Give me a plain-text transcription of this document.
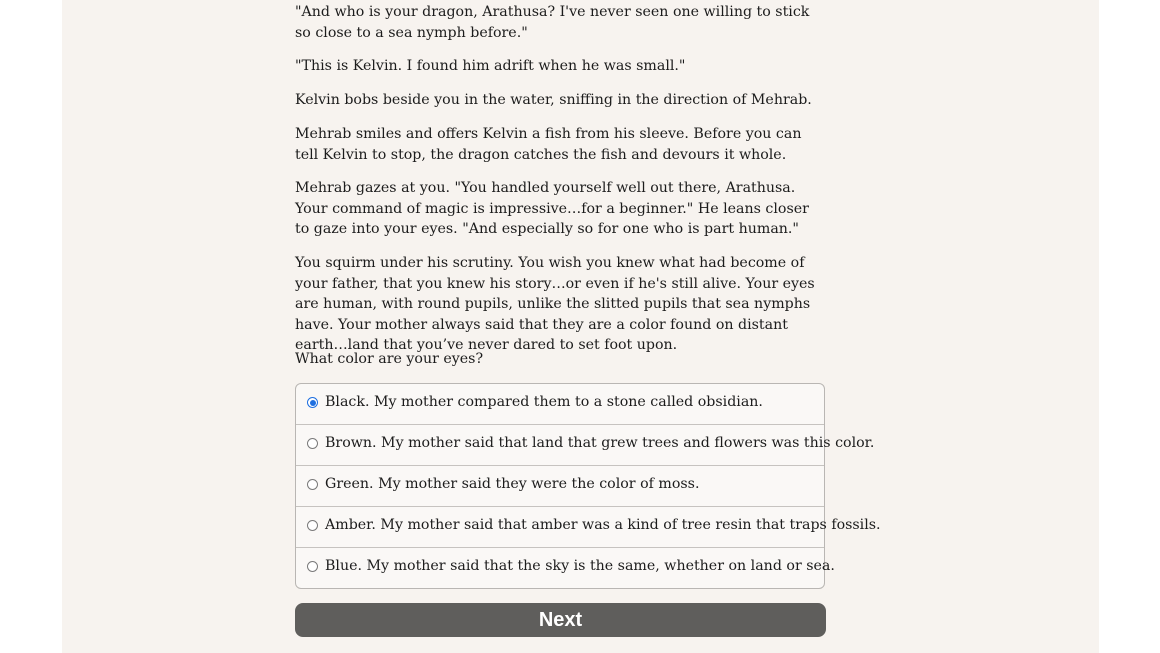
"And who is your dragon, Arathusa? I've never seen one willing to stick so close to a sea nymph before."

"This is Kelvin. I found him adrift when he was small."

Kelvin bobs beside you in the water, sniffing in the direction of Mehrab.

Mehrab smiles and offers Kelvin a fish from his sleeve. Before you can tell Kelvin to stop, the dragon catches the fish and devours it whole.

Mehrab gazes at you. "You handled yourself well out there, Arathusa. Your command of magic is impressive…for a beginner." He leans closer to gaze into your eyes. "And especially so for one who is part human."

You squirm under his scrutiny. You wish you knew what had become of your father, that you knew his story…or even if he's still alive. Your eyes are human, with round pupils, unlike the slitted pupils that sea nymphs have. Your mother always said that they are a color found on distant earth…land that you’ve never dared to set foot upon.

What color are your eyes?

Black. My mother compared them to a stone called obsidian.
Brown. My mother said that land that grew trees and flowers was this color.
Green. My mother said they were the color of moss.
Amber. My mother said that amber was a kind of tree resin that traps fossils.
Blue. My mother said that the sky is the same, whether on land or sea.
Next
